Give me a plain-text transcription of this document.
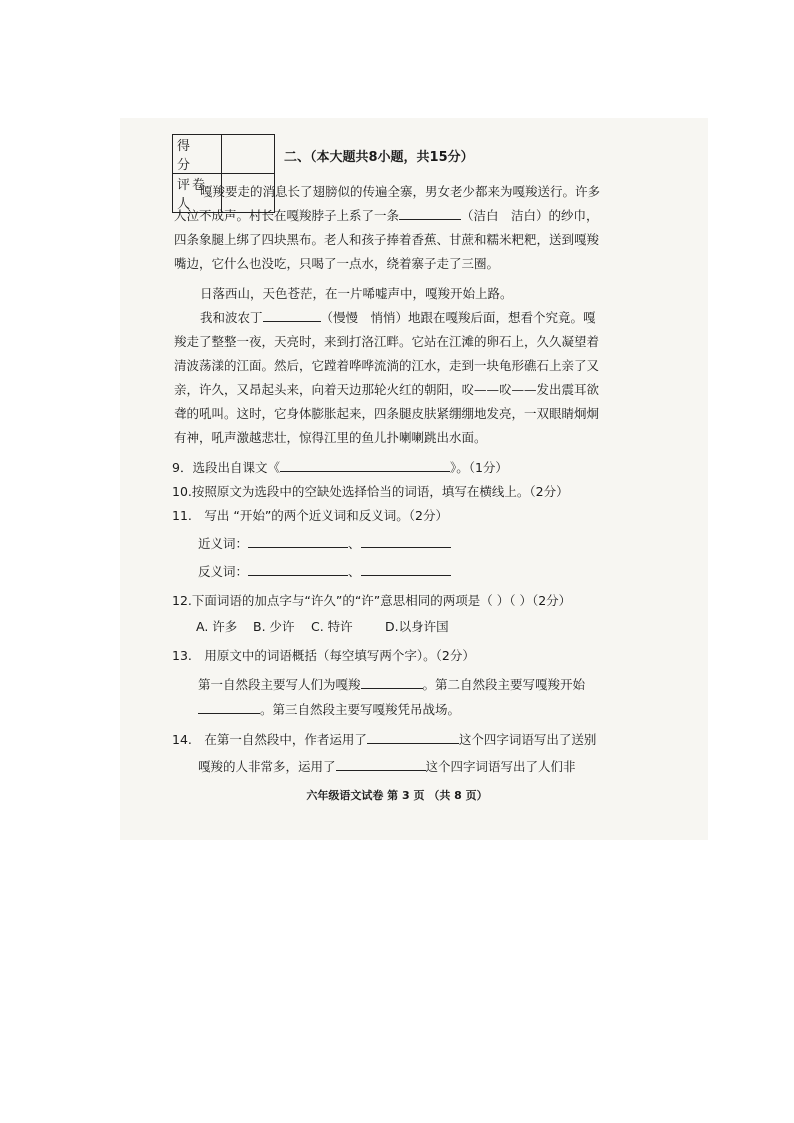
得　分	
评卷人	
二、（本大题共8小题，共15分）

嘎羧要走的消息长了翅膀似的传遍全寨，男女老少都来为嘎羧送行。许多人泣不成声。村长在嘎羧脖子上系了一条	（洁白　洁白）的纱巾，四条象腿上绑了四块黑布。老人和孩子捧着香蕉、甘蔗和糯米粑粑，送到嘎羧嘴边，它什么也没吃，只喝了一点水，绕着寨子走了三圈。

日落西山，天色苍茫，在一片唏嘘声中，嘎羧开始上路。

我和波农丁	（慢慢　悄悄）地跟在嘎羧后面，想看个究竟。嘎羧走了整整一夜，天亮时，来到打洛江畔。它站在江滩的卵石上，久久凝望着清波荡漾的江面。然后，它蹚着哗哗流淌的江水，走到一块龟形礁石上亲了又亲，许久，又昂起头来，向着天边那轮火红的朝阳，㕮——㕮——发出震耳欲聋的吼叫。这时，它身体膨胀起来，四条腿皮肤紧绷绷地发亮，一双眼睛炯炯有神，吼声激越悲壮，惊得江里的鱼儿扑喇喇跳出水面。

9．选段出自课文《	》。（1分）
10.按照原文为选段中的空缺处选择恰当的词语，填写在横线上。（2分）
11.　写出 “开始”的两个近义词和反义词。（2分）
近义词：	、
反义词：	、
12.下面词语的加点字与“许久”的“许”意思相同的两项是（ ）（ ）（2分）
A. 许多 B. 少许 C. 特许	D.以身许国
13.　用原文中的词语概括（每空填写两个字）。（2分）
第一自然段主要写人们为嘎羧	。第二自然段主要写嘎羧开始
。第三自然段主要写嘎羧凭吊战场。
14.　在第一自然段中，作者运用了	这个四字词语写出了送别
嘎羧的人非常多，运用了	这个四字词语写出了人们非
六年级语文试卷 第 3 页 （共 8 页）
